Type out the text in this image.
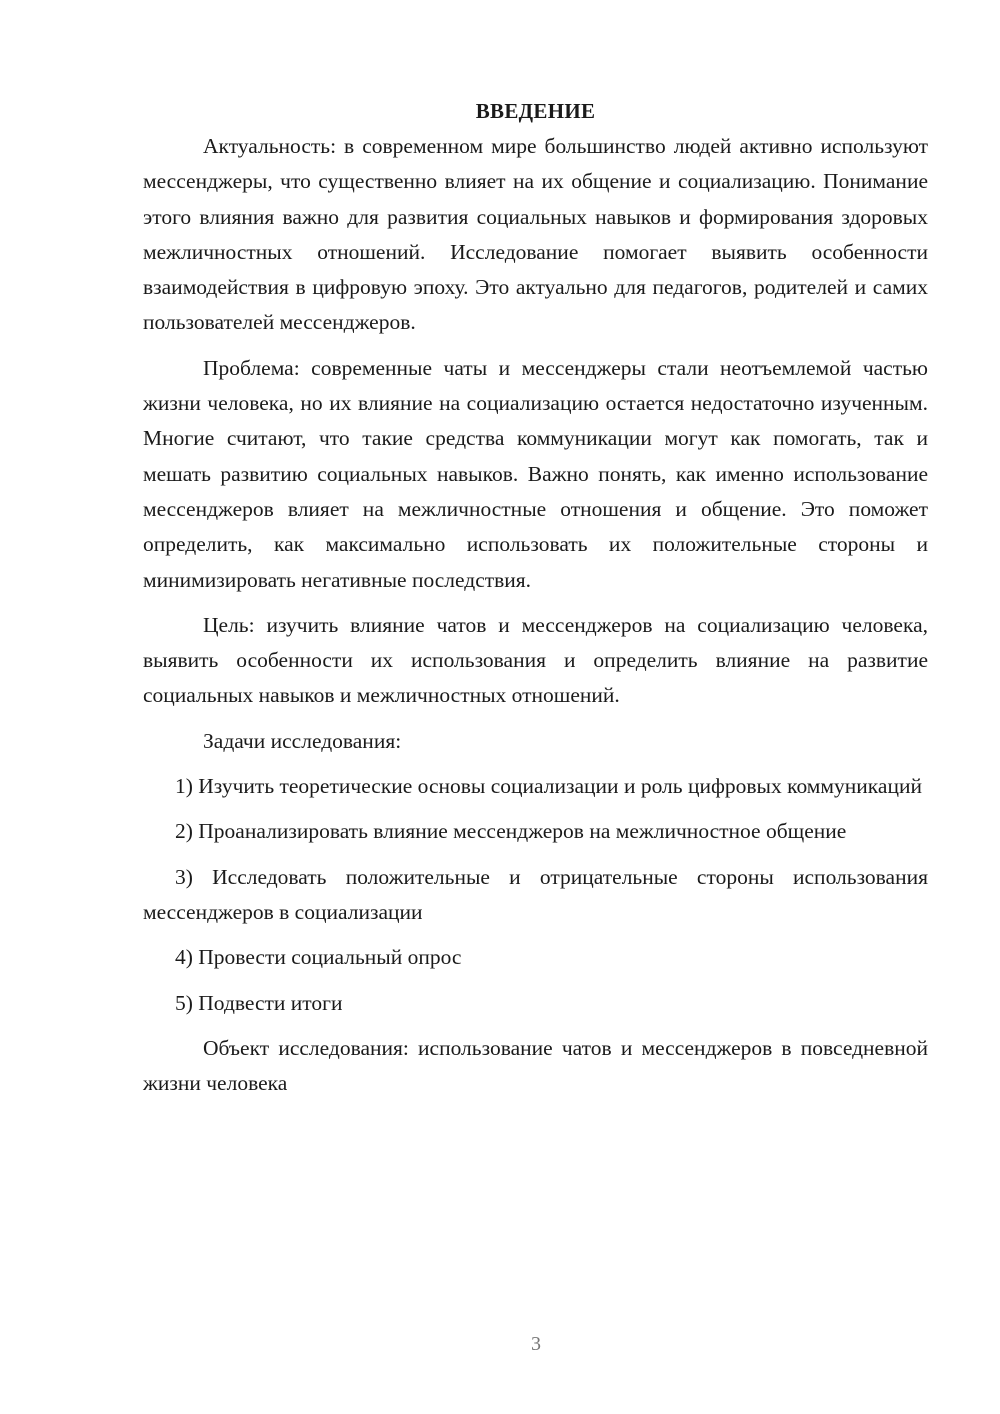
ВВЕДЕНИЕ

Актуальность: в современном мире большинство людей активно используют мессенджеры, что существенно влияет на их общение и социализацию. Понимание этого влияния важно для развития социальных навыков и формирования здоровых межличностных отношений. Исследование помогает выявить особенности взаимодействия в цифровую эпоху. Это актуально для педагогов, родителей и самих пользователей мессенджеров.

Проблема: современные чаты и мессенджеры стали неотъемлемой частью жизни человека, но их влияние на социализацию остается недостаточно изученным. Многие считают, что такие средства коммуникации могут как помогать, так и мешать развитию социальных навыков. Важно понять, как именно использование мессенджеров влияет на межличностные отношения и общение. Это поможет определить, как максимально использовать их положительные стороны и минимизировать негативные последствия.

Цель: изучить влияние чатов и мессенджеров на социализацию человека, выявить особенности их использования и определить влияние на развитие социальных навыков и межличностных отношений.

Задачи исследования:

1) Изучить теоретические основы социализации и роль цифровых коммуникаций

2) Проанализировать влияние мессенджеров на межличностное общение

3) Исследовать положительные и отрицательные стороны использования мессенджеров в социализации

4) Провести социальный опрос

5) Подвести итоги

Объект исследования: использование чатов и мессенджеров в повседневной жизни человека

3
